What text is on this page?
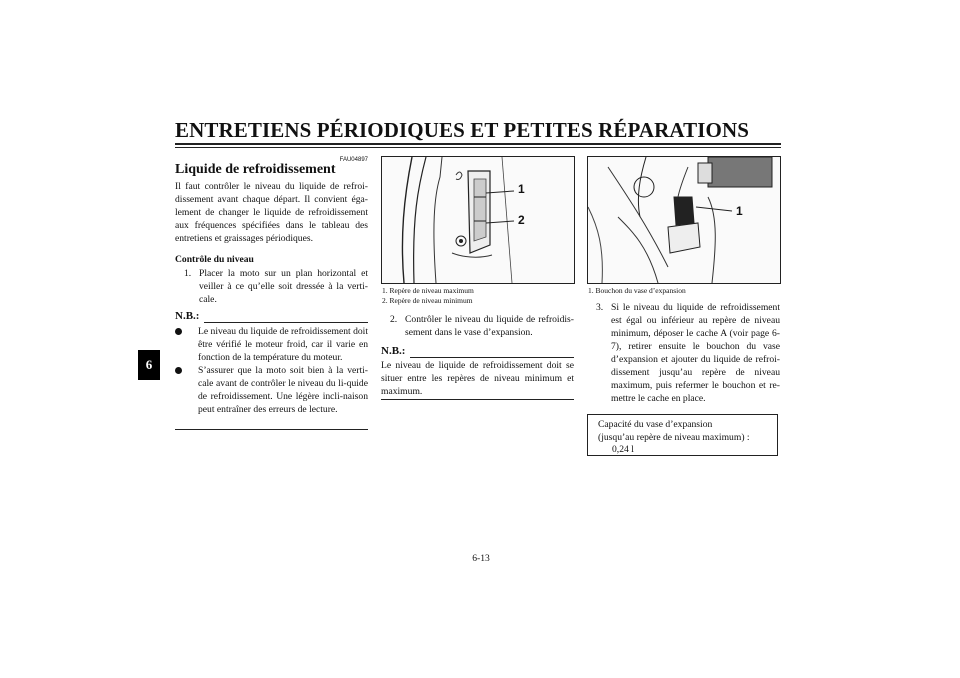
ENTRETIENS PÉRIODIQUES ET PETITES RÉPARATIONS
6
FAU04897
Liquide de refroidissement
Il faut contrôler le niveau du liquide de refroi-dissement avant chaque départ. Il convient éga-lement de changer le liquide de refroidissement aux fréquences spécifiées dans le tableau des entretiens et graissages périodiques.
Contrôle du niveau
1. Placer la moto sur un plan horizontal et veiller à ce qu’elle soit dressée à la verti-cale.
N.B.:
Le niveau du liquide de refroidissement doit être vérifié le moteur froid, car il varie en fonction de la température du moteur.
S’assurer que la moto soit bien à la verti-cale avant de contrôler le niveau du li-quide de refroidissement. Une légère incli-naison peut entraîner des erreurs de lecture.
1
2
1. Repère de niveau maximum
2. Repère de niveau minimum
2. Contrôler le niveau du liquide de refroidis-sement dans le vase d’expansion.
N.B.:
Le niveau de liquide de refroidissement doit se situer entre les repères de niveau minimum et maximum.
1
1. Bouchon du vase d’expansion
3. Si le niveau du liquide de refroidissement est égal ou inférieur au repère de niveau minimum, déposer le cache A (voir page 6-7), retirer ensuite le bouchon du vase d’expansion et ajouter du liquide de refroi-dissement jusqu’au repère de niveau maximum, puis refermer le bouchon et re-mettre le cache en place.
Capacité du vase d’expansion
(jusqu’au repère de niveau maximum) :
0,24 l
6-13
